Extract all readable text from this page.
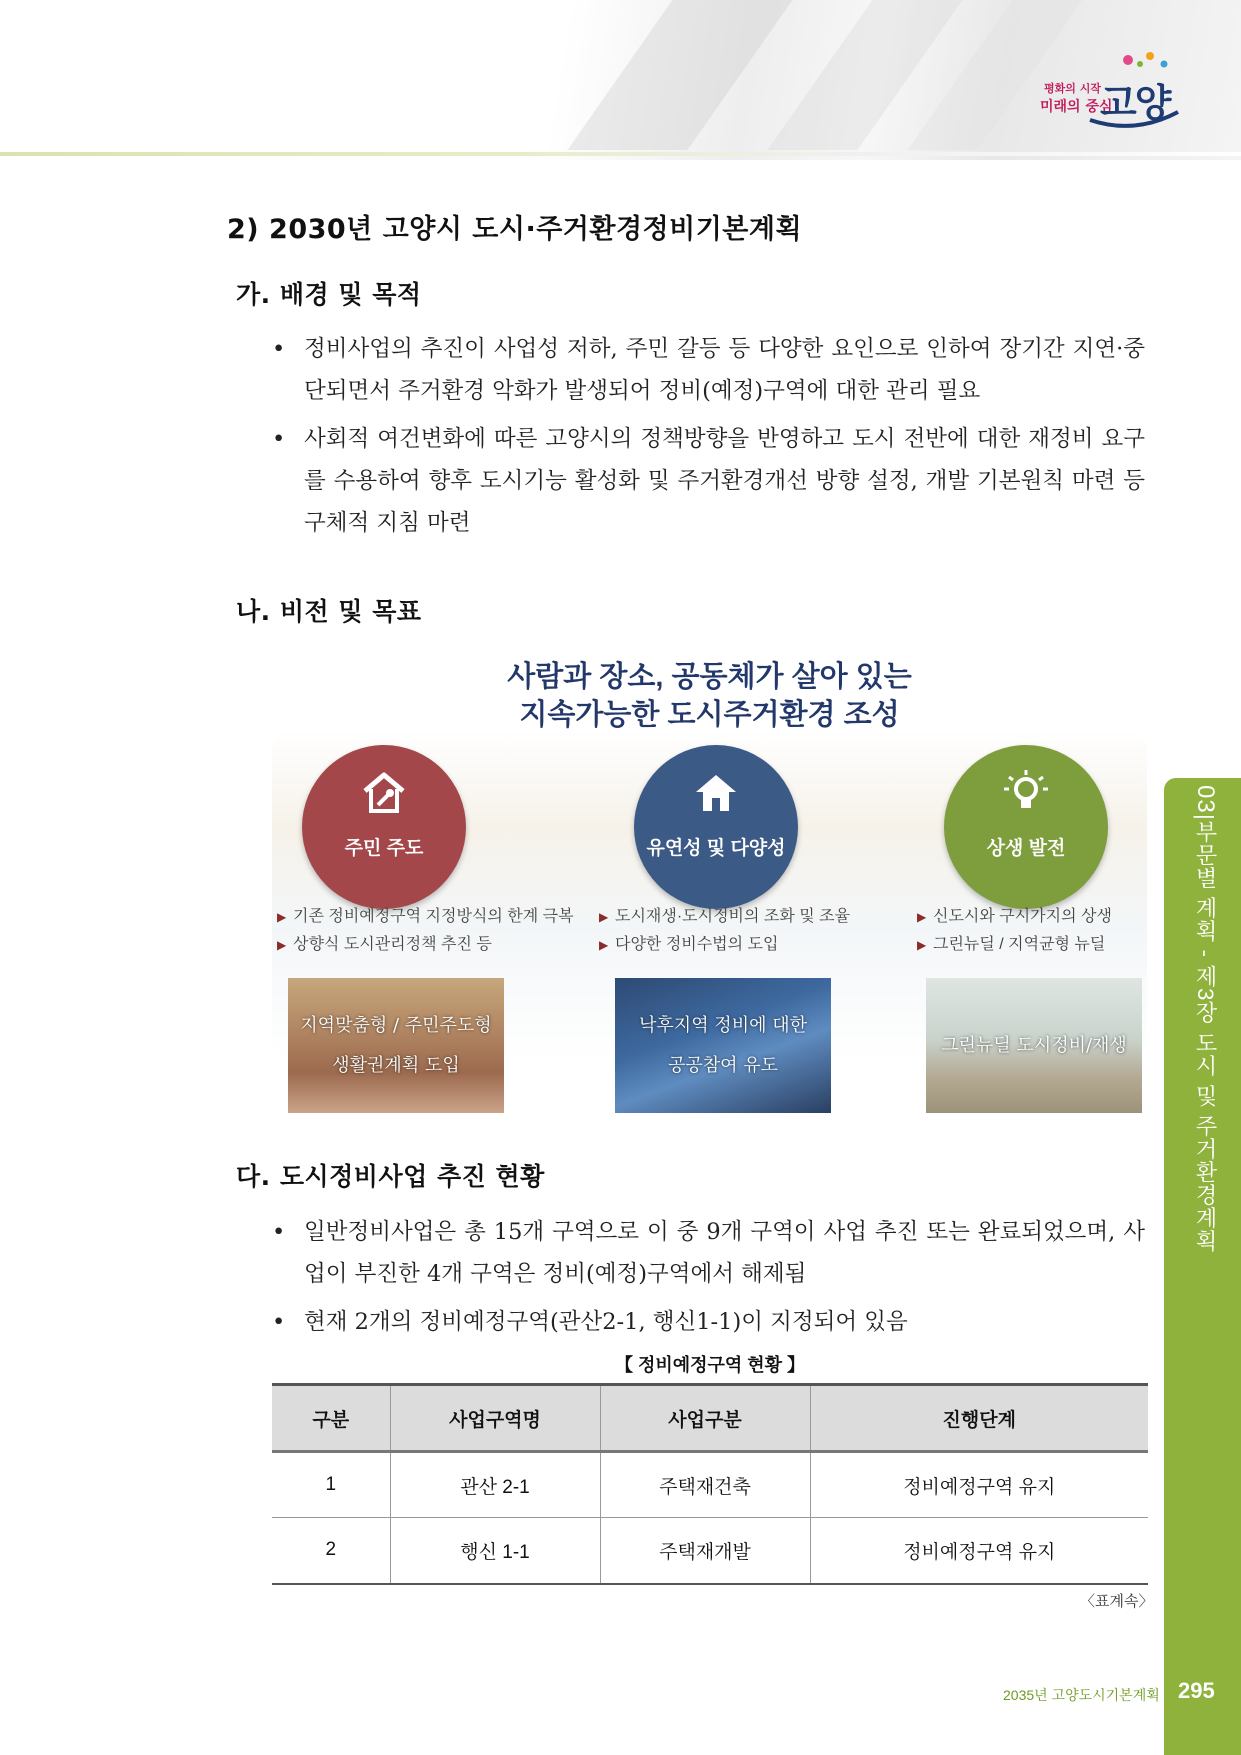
평화의 시작
미래의 중심
고양
03|부문별 계획 - 제3장 도시 및 주거환경계획
2) 2030년 고양시 도시·주거환경정비기본계획
가. 배경 및 목적
• 정비사업의 추진이 사업성 저하, 주민 갈등 등 다양한 요인으로 인하여 장기간 지연·중단되면서 주거환경 악화가 발생되어 정비(예정)구역에 대한 관리 필요
• 사회적 여건변화에 따른 고양시의 정책방향을 반영하고 도시 전반에 대한 재정비 요구를 수용하여 향후 도시기능 활성화 및 주거환경개선 방향 설정, 개발 기본원칙 마련 등 구체적 지침 마련
나. 비전 및 목표
사람과 장소, 공동체가 살아 있는
지속가능한 도시주거환경 조성
주민 주도
▶ 기존 정비예정구역 지정방식의 한계 극복
▶ 상향식 도시관리정책 추진 등
지역맞춤형 / 주민주도형
생활권계획 도입
유연성 및 다양성
▶ 도시재생·도시정비의 조화 및 조율
▶ 다양한 정비수법의 도입
낙후지역 정비에 대한
공공참여 유도
상생 발전
▶ 신도시와 구시가지의 상생
▶ 그린뉴딜 / 지역균형 뉴딜
그린뉴딜 도시정비/재생
다. 도시정비사업 추진 현황
• 일반정비사업은 총 15개 구역으로 이 중 9개 구역이 사업 추진 또는 완료되었으며, 사업이 부진한 4개 구역은 정비(예정)구역에서 해제됨
• 현재 2개의 정비예정구역(관산2-1, 행신1-1)이 지정되어 있음
【 정비예정구역 현황 】
구분	사업구역명	사업구분	진행단계
1	관산 2-1	주택재건축	정비예정구역 유지
2	행신 1-1	주택재개발	정비예정구역 유지
〈표계속〉
2035년 고양도시기본계획 295
